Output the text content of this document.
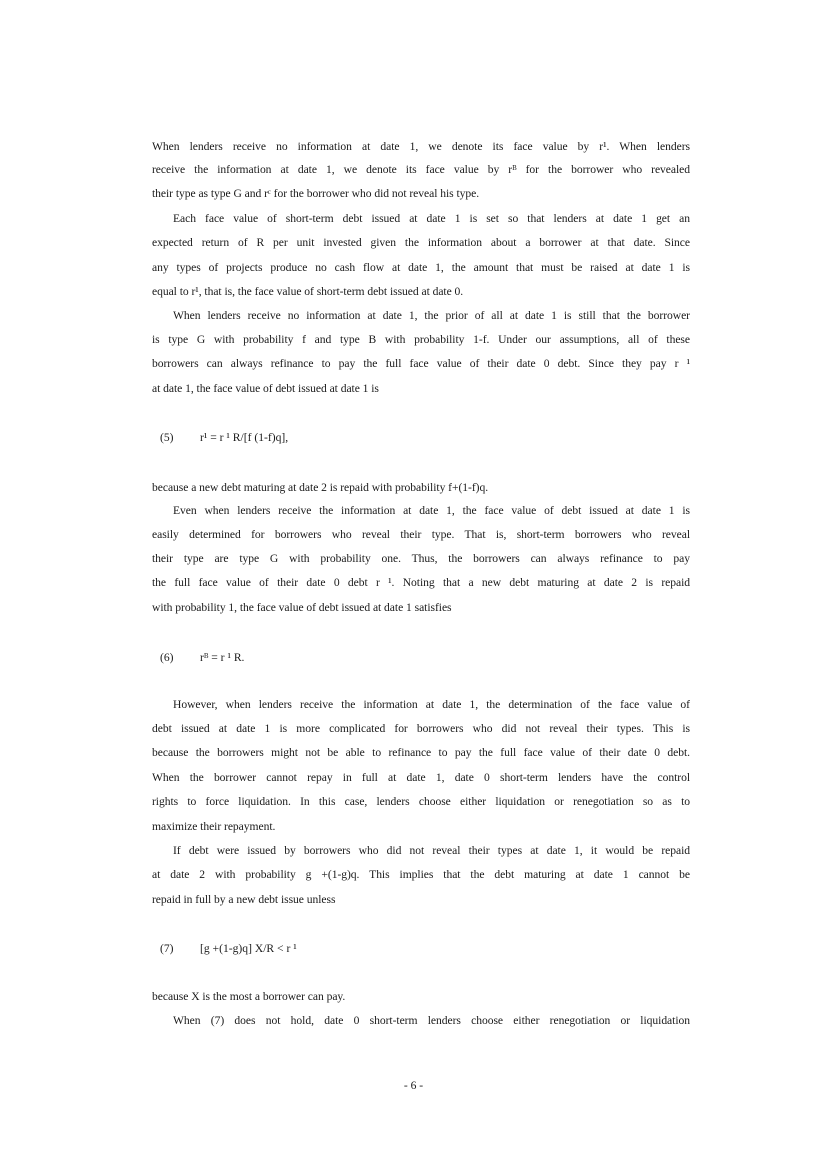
When lenders receive no information at date 1, we denote its face value by r¹. When lenders
receive the information at date 1, we denote its face value by rᴮ for the borrower who revealed
their type as type G and rᶜ for the borrower who did not reveal his type.
Each face value of short-term debt issued at date 1 is set so that lenders at date 1 get an
expected return of R per unit invested given the information about a borrower at that date. Since
any types of projects produce no cash flow at date 1, the amount that must be raised at date 1 is
equal to r¹, that is, the face value of short-term debt issued at date 0.
When lenders receive no information at date 1, the prior of all at date 1 is still that the borrower
is type G with probability f and type B with probability 1-f. Under our assumptions, all of these
borrowers can always refinance to pay the full face value of their date 0 debt. Since they pay r ¹
at date 1, the face value of debt issued at date 1 is
(5) r¹ = r ¹ R/[f (1-f)q],
because a new debt maturing at date 2 is repaid with probability f+(1-f)q.
Even when lenders receive the information at date 1, the face value of debt issued at date 1 is
easily determined for borrowers who reveal their type. That is, short-term borrowers who reveal
their type are type G with probability one. Thus, the borrowers can always refinance to pay
the full face value of their date 0 debt r ¹. Noting that a new debt maturing at date 2 is repaid
with probability 1, the face value of debt issued at date 1 satisfies
(6) rᴮ = r ¹ R.
However, when lenders receive the information at date 1, the determination of the face value of
debt issued at date 1 is more complicated for borrowers who did not reveal their types. This is
because the borrowers might not be able to refinance to pay the full face value of their date 0 debt.
When the borrower cannot repay in full at date 1, date 0 short-term lenders have the control
rights to force liquidation. In this case, lenders choose either liquidation or renegotiation so as to
maximize their repayment.
If debt were issued by borrowers who did not reveal their types at date 1, it would be repaid
at date 2 with probability g +(1-g)q. This implies that the debt maturing at date 1 cannot be
repaid in full by a new debt issue unless
(7) [g +(1-g)q] X/R < r ¹
because X is the most a borrower can pay.
When (7) does not hold, date 0 short-term lenders choose either renegotiation or liquidation
- 6 -
